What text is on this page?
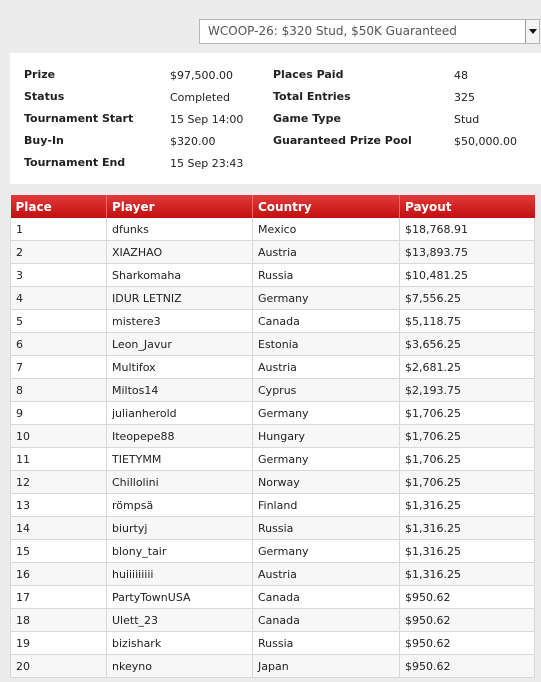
WCOOP-26: $320 Stud, $50K Guaranteed
Prize	$97,500.00
Status	Completed
Tournament Start	15 Sep 14:00
Buy-In	$320.00
Tournament End	15 Sep 23:43
Places Paid	48
Total Entries	325
Game Type	Stud
Guaranteed Prize Pool	$50,000.00
Place	Player	Country	Payout
1	dfunks	Mexico	$18,768.91
2	XIAZHAO	Austria	$13,893.75
3	Sharkomaha	Russia	$10,481.25
4	IDUR LETNIZ	Germany	$7,556.25
5	mistere3	Canada	$5,118.75
6	Leon_Javur	Estonia	$3,656.25
7	Multifox	Austria	$2,681.25
8	Miltos14	Cyprus	$2,193.75
9	julianherold	Germany	$1,706.25
10	Iteopepe88	Hungary	$1,706.25
11	TIETYMM	Germany	$1,706.25
12	Chillolini	Norway	$1,706.25
13	römpsä	Finland	$1,316.25
14	biurtyj	Russia	$1,316.25
15	blony_tair	Germany	$1,316.25
16	huiiiiiiiii	Austria	$1,316.25
17	PartyTownUSA	Canada	$950.62
18	Ulett_23	Canada	$950.62
19	bizishark	Russia	$950.62
20	nkeyno	Japan	$950.62
